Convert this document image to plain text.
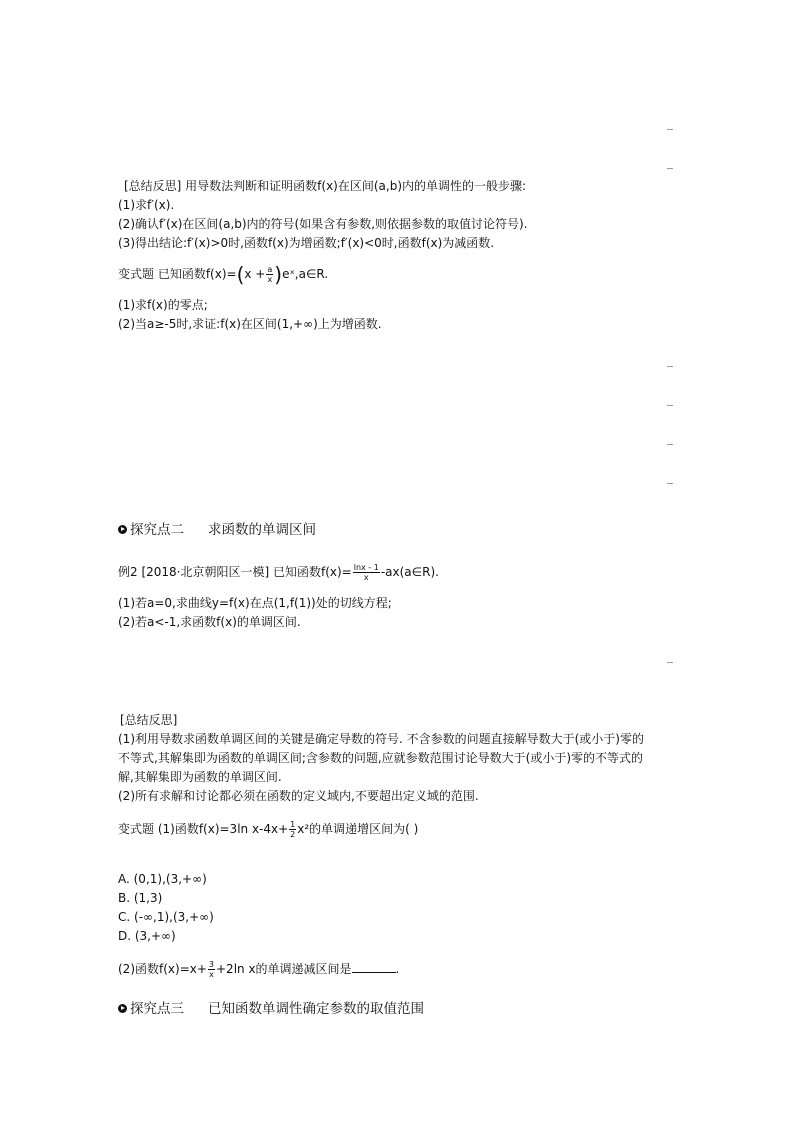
[总结反思] 用导数法判断和证明函数f(x)在区间(a,b)内的单调性的一般步骤:
(1)求f′(x).
(2)确认f′(x)在区间(a,b)内的符号(如果含有参数,则依据参数的取值讨论符号).
(3)得出结论:f′(x)>0时,函数f(x)为增函数;f′(x)<0时,函数f(x)为减函数.
变式题 已知函数$f(x)=(x + \frac{a}{x}$ )eˣ,a∈R.
(1)求f(x)的零点;
(2)当a≥-5时,求证:f(x)在区间(1,+∞)上为增函数.
探究点二 求函数的单调区间
例2 [2018·北京朝阳区一模] 已知函数$f(x)= \frac{\ln x - 1}{x}$ -ax(a∈R).
(1)若a=0,求曲线y=f(x)在点(1,f(1))处的切线方程;
(2)若a<-1,求函数f(x)的单调区间.
[总结反思]
(1)利用导数求函数单调区间的关键是确定导数的符号. 不含参数的问题直接解导数大于(或小于)零的
不等式,其解集即为函数的单调区间;含参数的问题,应就参数范围讨论导数大于(或小于)零的不等式的
解,其解集即为函数的单调区间.
(2)所有求解和讨论都必须在函数的定义域内,不要超出定义域的范围.
变式题 (1)函数f(x)=3ln $x-4x+ \frac{1}{2} x^2$的单调递增区间为( )
A. (0,1),(3,+∞)
B. (1,3)
C. (-∞,1),(3,+∞)
D. (3,+∞)
(2)函数$f(x)=x+ \frac{3}{x} +2\ln$ x的单调递减区间是	.
探究点三 已知函数单调性确定参数的取值范围
